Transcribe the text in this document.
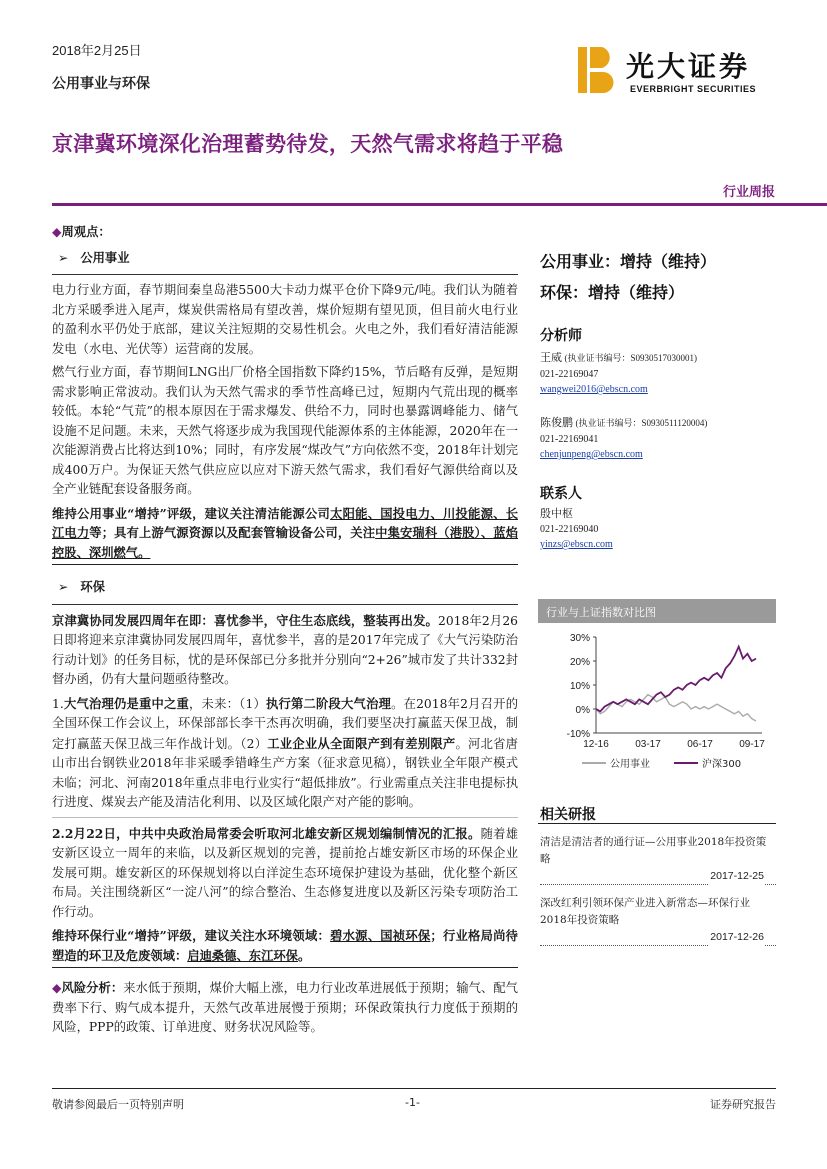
2018年2月25日
公用事业与环保
光大证券
EVERBRIGHT SECURITIES
京津冀环境深化治理蓄势待发，天然气需求将趋于平稳
行业周报
◆周观点：
➢ 公用事业

电力行业方面，春节期间秦皇岛港5500大卡动力煤平仓价下降9元/吨。我们认为随着北方采暖季进入尾声，煤炭供需格局有望改善，煤价短期有望见顶，但目前火电行业的盈利水平仍处于底部，建议关注短期的交易性机会。火电之外，我们看好清洁能源发电（水电、光伏等）运营商的发展。

燃气行业方面，春节期间LNG出厂价格全国指数下降约15%，节后略有反弹，是短期需求影响正常波动。我们认为天然气需求的季节性高峰已过，短期内气荒出现的概率较低。本轮“气荒”的根本原因在于需求爆发、供给不力，同时也暴露调峰能力、储气设施不足问题。未来，天然气将逐步成为我国现代能源体系的主体能源，2020年在一次能源消费占比将达到10%；同时，有序发展“煤改气”方向依然不变，2018年计划完成400万户。为保证天然气供应应以应对下游天然气需求，我们看好气源供给商以及全产业链配套设备服务商。

维持公用事业“增持”评级，建议关注清洁能源公司太阳能、国投电力、川投能源、长江电力等；具有上游气源资源以及配套管输设备公司，关注中集安瑞科（港股）、蓝焰控股、深圳燃气。

➢ 环保

京津冀协同发展四周年在即：喜忧参半，守住生态底线，整装再出发。2018年2月26日即将迎来京津冀协同发展四周年，喜忧参半，喜的是2017年完成了《大气污染防治行动计划》的任务目标，忧的是环保部已分多批并分别向“2+26”城市发了共计332封督办函，仍有大量问题亟待整改。

1.大气治理仍是重中之重，未来：（1）执行第二阶段大气治理。在2018年2月召开的全国环保工作会议上，环保部部长李干杰再次明确，我们要坚决打赢蓝天保卫战，制定打赢蓝天保卫战三年作战计划。（2）工业企业从全面限产到有差别限产。河北省唐山市出台钢铁业2018年非采暖季错峰生产方案（征求意见稿），钢铁业全年限产模式未临；河北、河南2018年重点非电行业实行“超低排放”。行业需重点关注非电提标执行进度、煤炭去产能及清洁化利用、以及区域化限产对产能的影响。

2.2月22日，中共中央政治局常委会听取河北雄安新区规划编制情况的汇报。随着雄安新区设立一周年的来临，以及新区规划的完善，提前抢占雄安新区市场的环保企业发展可期。雄安新区的环保规划将以白洋淀生态环境保护建设为基础，优化整个新区布局。关注围绕新区“一淀八河”的综合整治、生态修复进度以及新区污染专项防治工作行动。

维持环保行业“增持”评级，建议关注水环境领域：碧水源、国祯环保；行业格局尚待塑造的环卫及危废领域：启迪桑德、东江环保。

◆风险分析：来水低于预期，煤价大幅上涨，电力行业改革进展低于预期；输气、配气费率下行、购气成本提升，天然气改革进展慢于预期；环保政策执行力度低于预期的风险，PPP的政策、订单进度、财务状况风险等。

公用事业：增持（维持）
环保：增持（维持）
分析师
王威 (执业证书编号：S0930517030001)
021-22169047
wangwei2016@ebscn.com
陈俊鹏 (执业证书编号：S0930511120004)
021-22169041
chenjunpeng@ebscn.com
联系人
殷中枢
021-22169040
yinzs@ebscn.com
行业与上证指数对比图
30%
20%
10%
0%
-10%
12-16	03-17	06-17	09-17
公用事业	沪深300
相关研报
清洁是清洁者的通行证—公用事业2018年投资策略
2017-12-25
深改红利引领环保产业进入新常态—环保行业2018年投资策略
2017-12-26
敬请参阅最后一页特别声明	-1-	证券研究报告
